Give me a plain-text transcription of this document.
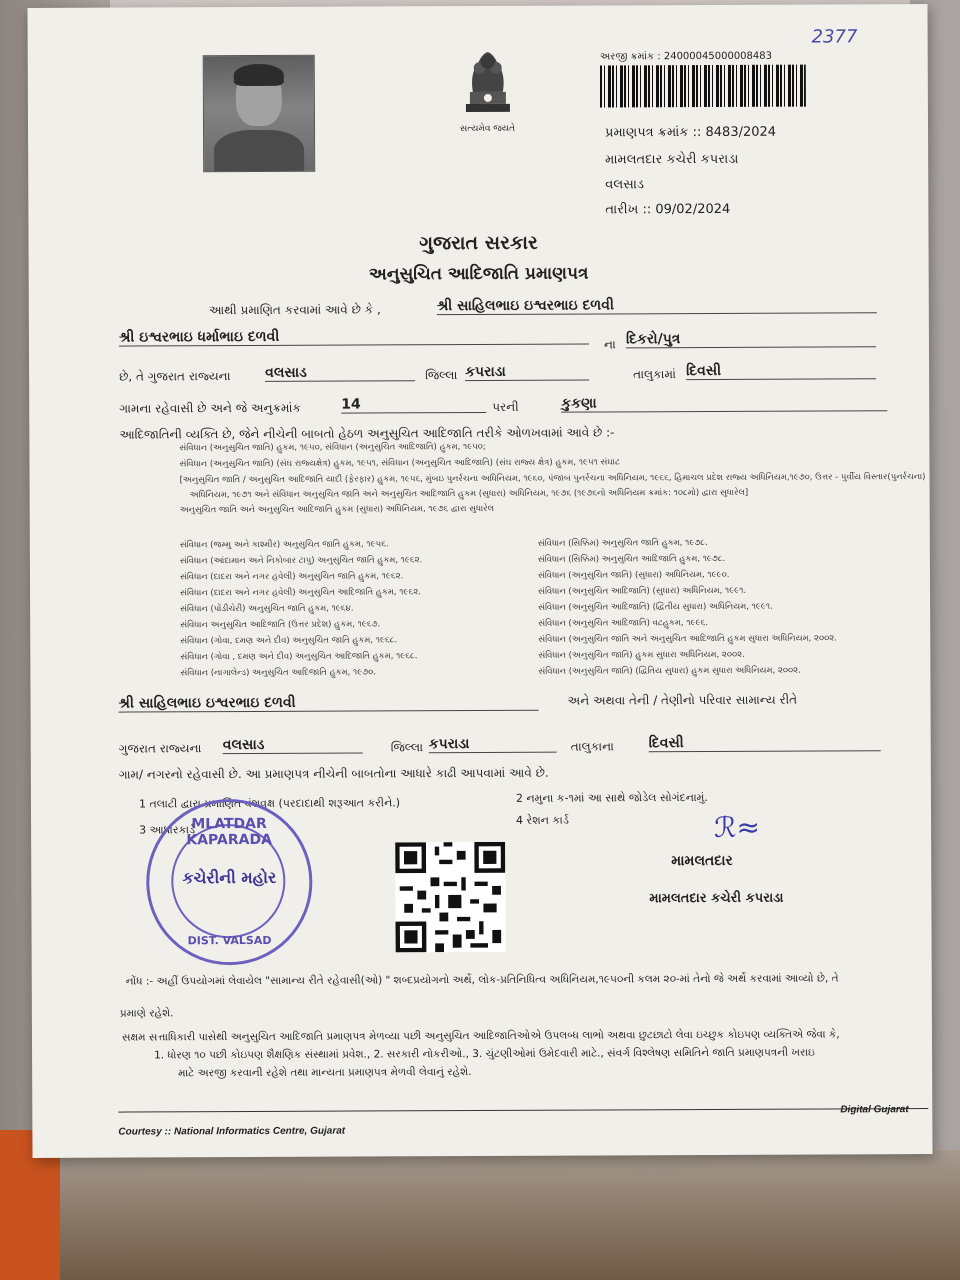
સત્યમેવ જયતે
અરજી ક્રમાંક : 24000045000008483
2377
પ્રમાણપત્ર ક્રમાંક :: 8483/2024
મામલતદાર કચેરી કપરાડા
વલસાડ
તારીખ :: 09/02/2024
ગુજરાત સરકાર
અનુસુચિત આદિજાતિ પ્રમાણપત્ર
આથી પ્રમાણિત કરવામાં આવે છે કે ,	શ્રી સાહિલભાઇ ઇશ્વરભાઇ દળવી
શ્રી ઇશ્વરભાઇ ધર્માભાઇ દળવી	ના દિકરો/પુત્ર
છે, તે ગુજરાત રાજ્યના વલસાડ	જિલ્લા કપરાડા	તાલુકામાં દિવસી
ગામના રહેવાસી છે અને જે અનુક્રમાંક	14	પરની	કુકણા
આદિજાતિની વ્યક્તિ છે, જેને નીચેની બાબતો હેઠળ અનુસુચિત આદિજાતિ તરીકે ઓળખવામાં આવે છે :-
સંવિધાન (અનુસુચિત જાતિ) હુકમ, ૧૯૫૦, સંવિધાન (અનુસુચિત આદિજાતિ) હુકમ, ૧૯૫૦;
સંવિધાન (અનુસુચિત જાતિ) (સંઘ રાજ્યક્ષેત્ર) હુકમ, ૧૯૫૧, સંવિધાન (અનુસુચિત આદિજાતિ) (સંઘ રાજ્ય ક્ષેત્ર) હુકમ, ૧૯૫૧ સંઘાટ
[અનુસુચિત જાતિ / અનુસુચિત આદિજાતિ યાદી (ફેરફાર) હુકમ, ૧૯૫૬, મુંબઇ પુનર્રચના અધિનિયમ, ૧૯૬૦, પંજાબ પુનર્રચના અધિનિયમ, ૧૯૬૬, હિમાચલ પ્રદેશ રાજ્ય અધિનિયમ,૧૯૭૦, ઉત્તર - પુર્વીય વિસ્તાર(પુનર્રચના)
અધિનિયમ, ૧૯૭૧ અને સંવિધાન અનુસુચિત જાતિ અને અનુસુચિત આદિજાતિ હુકમ (સુધારા) અધિનિયમ, ૧૯૭૬ (૧૯૭૬નો અધિનિયમ ક્રમાંક: ૧૦૮મો) દ્વારા સુધારેલ]
અનુસુચિત જાતિ અને અનુસુચિત આદિજાતિ હુકમ (સુધારા) અધિનિયમ, ૧૯૭૬ દ્વારા સુધારેલ
સંવિધાન (જમ્મુ અને કાશ્મીર) અનુસુચિત જાતિ હુકમ, ૧૯૫૬.
સંવિધાન (આંદામાન અને નિકોબાર ટાપુ) અનુસુચિત જાતિ હુકમ, ૧૯૬૨.
સંવિધાન (દાદરા અને નગર હવેલી) અનુસુચિત જાતિ હુકમ, ૧૯૬૨.
સંવિધાન (દાદરા અને નગર હવેલી) અનુસુચિત આદિજાતિ હુકમ, ૧૯૬૨.
સંવિધાન (પોંડીચેરી) અનુસુચિત જાતિ હુકમ, ૧૯૬૪.
સંવિધાન અનુસુચિત આદિજાતિ (ઉત્તર પ્રદેશ) હુકમ, ૧૯૬૭.
સંવિધાન (ગોવા, દમણ અને દીવ) અનુસુચિત જાતિ હુકમ, ૧૯૬૮.
સંવિધાન (ગોવા , દમણ અને દીવ) અનુસુચિત આદિજાતિ હુકમ, ૧૯૬૮.
સંવિધાન (નાગાલેન્ડ) અનુસુચિત આદિજાતિ હુકમ, ૧૯૭૦.
સંવિધાન (સિક્કિમ) અનુસુચિત જાતિ હુકમ, ૧૯૭૮.
સંવિધાન (સિક્કિમ) અનુસુચિત આદિજાતિ હુકમ, ૧૯૭૮.
સંવિધાન (અનુસુચિત જાતિ) (સુધારા) અધિનિયમ, ૧૯૯૦.
સંવિધાન (અનુસુચિત આદિજાતિ) (સુધારા) અધિનિયમ, ૧૯૯૧.
સંવિધાન (અનુસુચિત આદિજાતિ) (દ્વિતીય સુધારા) અધિનિયમ, ૧૯૯૧.
સંવિધાન (અનુસુચિત આદિજાતિ) વટહુકમ, ૧૯૯૬.
સંવિધાન (અનુસુચિત જાતિ અને અનુસુચિત આદિજાતિ હુકમ સુધારા અધિનિયમ, ૨૦૦૨.
સંવિધાન (અનુસુચિત જાતિ) હુકમ સુધારા અધિનિયમ, ૨૦૦૨.
સંવિધાન (અનુસુચિત જાતિ) (દ્વિતિય સુધારા) હુકમ સુધારા અધિનિયમ, ૨૦૦૨.
શ્રી સાહિલભાઇ ઇશ્વરભાઇ દળવી	અને અથવા તેની / તેણીનો પરિવાર સામાન્ય રીતે
ગુજરાત રાજ્યના વલસાડ	જિલ્લા કપરાડા	તાલુકાના દિવસી
ગામ/ નગરનો રહેવાસી છે. આ પ્રમાણપત્ર નીચેની બાબતોના આધારે કાઢી આપવામાં આવે છે.
1 તલાટી દ્વારા પ્રમાણિત વંશવૃક્ષ (પરદાદાથી શરૂઆત કરીને.)	2 નમુના ક-૧માં આ સાથે જોડેલ સોગંદનામું.
3 આધારકાર્ડ
4 રેશન કાર્ડ
MLATDAR KAPARADA
કચેરીની મહોર
DIST. VALSAD
ℛ≈
મામલતદાર
મામલતદાર કચેરી કપરાડા
નોંધ :- અહીં ઉપયોગમાં લેવાયેલ "સામાન્ય રીતે રહેવાસી(ઓ) " શબ્દપ્રયોગનો અર્થે, લોક-પ્રતિનિધિત્વ અધિનિયમ,૧૯૫૦ની કલમ ૨૦-માં તેનો જે અર્થે કરવામાં આવ્યો છે, તે
પ્રમાણે રહેશે.
સક્ષમ સત્તાધિકારી પાસેથી અનુસુચિત આદિજાતિ પ્રમાણપત્ર મેળવ્યા પછી અનુસુચિત આદિજાતિઓએ ઉપલબ્ધ લાભો અથવા છુટછાટો લેવા ઇચ્છુક કોઇપણ વ્યક્તિએ જેવા કે,
1. ધોરણ ૧૦ પછી કોઇપણ શૈક્ષણિક સંસ્થામાં પ્રવેશ., 2. સરકારી નોકરીઓ., 3. ચુંટણીઓમાં ઉમેદવારી માટે., સંવર્ગ વિશ્લેષણ સમિતિને જાતિ પ્રમાણપત્રની ખરાઇ
માટે અરજી કરવાની રહેશે તથા માન્યતા પ્રમાણપત્ર મેળવી લેવાનું રહેશે.
Courtesy :: National Informatics Centre, Gujarat
Digital Gujarat
